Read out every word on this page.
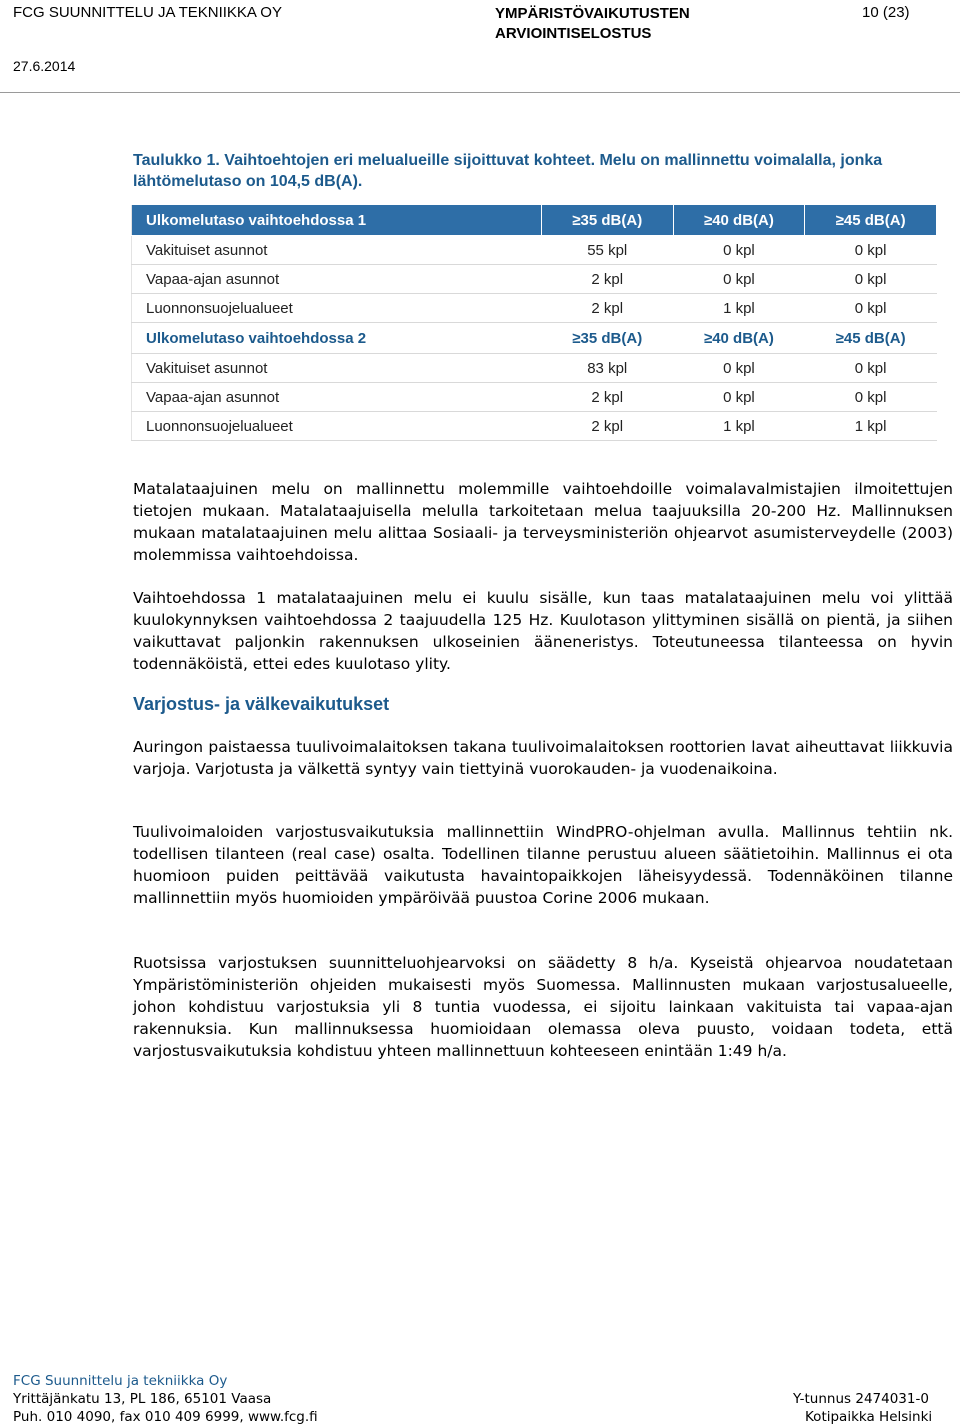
FCG SUUNNITTELU JA TEKNIIKKA OY	YMPÄRISTÖVAIKUTUSTEN
ARVIOINTISELOSTUS
10 (23)
27.6.2014
Taulukko 1. Vaihtoehtojen eri melualueille sijoittuvat kohteet. Melu on mallinnettu voimalalla, jonka lähtömelutaso on 104,5 dB(A).
Ulkomelutaso vaihtoehdossa 1	≥35 dB(A)	≥40 dB(A)	≥45 dB(A)
Vakituiset asunnot	55 kpl	0 kpl	0 kpl
Vapaa-ajan asunnot	2 kpl	0 kpl	0 kpl
Luonnonsuojelualueet	2 kpl	1 kpl	0 kpl
Ulkomelutaso vaihtoehdossa 2	≥35 dB(A)	≥40 dB(A)	≥45 dB(A)
Vakituiset asunnot	83 kpl	0 kpl	0 kpl
Vapaa-ajan asunnot	2 kpl	0 kpl	0 kpl
Luonnonsuojelualueet	2 kpl	1 kpl	1 kpl
Matalataajuinen melu on mallinnettu molemmille vaihtoehdoille voimalavalmistajien ilmoitettujen tietojen mukaan. Matalataajuisella melulla tarkoitetaan melua taajuuksilla 20-200 Hz. Mallinnuksen mukaan matalataajuinen melu alittaa Sosiaali- ja terveysministeriön ohjearvot asumisterveydelle (2003) molemmissa vaihtoehdoissa.
Vaihtoehdossa 1 matalataajuinen melu ei kuulu sisälle, kun taas matalataajuinen melu voi ylittää kuulokynnyksen vaihtoehdossa 2 taajuudella 125 Hz. Kuulotason ylittyminen sisällä on pientä, ja siihen vaikuttavat paljonkin rakennuksen ulkoseinien ääneneristys. Toteutuneessa tilanteessa on hyvin todennäköistä, ettei edes kuulotaso ylity.
Varjostus- ja välkevaikutukset
Auringon paistaessa tuulivoimalaitoksen takana tuulivoimalaitoksen roottorien lavat aiheuttavat liikkuvia varjoja. Varjotusta ja välkettä syntyy vain tiettyinä vuorokauden- ja vuodenaikoina.
Tuulivoimaloiden varjostusvaikutuksia mallinnettiin WindPRO-ohjelman avulla. Mallinnus tehtiin nk. todellisen tilanteen (real case) osalta. Todellinen tilanne perustuu alueen säätietoihin. Mallinnus ei ota huomioon puiden peittävää vaikutusta havaintopaikkojen läheisyydessä. Todennäköinen tilanne mallinnettiin myös huomioiden ympäröivää puustoa Corine 2006 mukaan.
Ruotsissa varjostuksen suunnitteluohjearvoksi on säädetty 8 h/a. Kyseistä ohjearvoa noudatetaan Ympäristöministeriön ohjeiden mukaisesti myös Suomessa. Mallinnusten mukaan varjostusalueelle, johon kohdistuu varjostuksia yli 8 tuntia vuodessa, ei sijoitu lainkaan vakituista tai vapaa-ajan rakennuksia. Kun mallinnuksessa huomioidaan olemassa oleva puusto, voidaan todeta, että varjostusvaikutuksia kohdistuu yhteen mallinnettuun kohteeseen enintään 1:49 h/a.
FCG Suunnittelu ja tekniikka Oy
Yrittäjänkatu 13, PL 186, 65101 Vaasa
Puh. 010 4090, fax 010 409 6999, www.fcg.fi
Y-tunnus 2474031-0
Kotipaikka Helsinki
